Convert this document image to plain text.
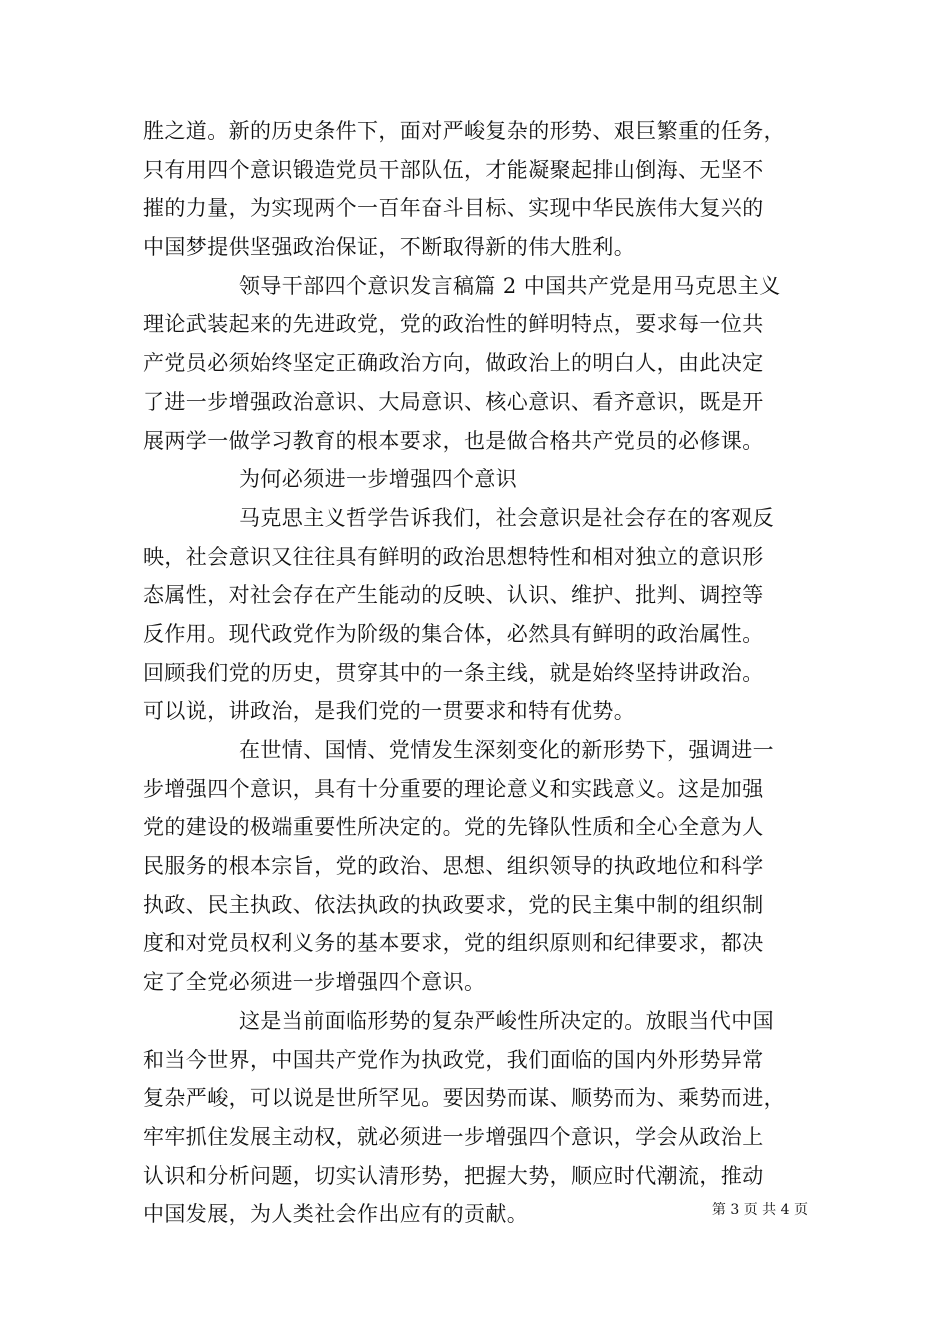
胜之道。新的历史条件下，面对严峻复杂的形势、艰巨繁重的任务，
只有用四个意识锻造党员干部队伍，才能凝聚起排山倒海、无坚不
摧的力量，为实现两个一百年奋斗目标、实现中华民族伟大复兴的
中国梦提供坚强政治保证，不断取得新的伟大胜利。
领导干部四个意识发言稿篇 2 中国共产党是用马克思主义
理论武装起来的先进政党，党的政治性的鲜明特点，要求每一位共
产党员必须始终坚定正确政治方向，做政治上的明白人，由此决定
了进一步增强政治意识、大局意识、核心意识、看齐意识，既是开
展两学一做学习教育的根本要求，也是做合格共产党员的必修课。
为何必须进一步增强四个意识
马克思主义哲学告诉我们，社会意识是社会存在的客观反
映，社会意识又往往具有鲜明的政治思想特性和相对独立的意识形
态属性，对社会存在产生能动的反映、认识、维护、批判、调控等
反作用。现代政党作为阶级的集合体，必然具有鲜明的政治属性。
回顾我们党的历史，贯穿其中的一条主线，就是始终坚持讲政治。
可以说，讲政治，是我们党的一贯要求和特有优势。
在世情、国情、党情发生深刻变化的新形势下，强调进一
步增强四个意识，具有十分重要的理论意义和实践意义。这是加强
党的建设的极端重要性所决定的。党的先锋队性质和全心全意为人
民服务的根本宗旨，党的政治、思想、组织领导的执政地位和科学
执政、民主执政、依法执政的执政要求，党的民主集中制的组织制
度和对党员权利义务的基本要求，党的组织原则和纪律要求，都决
定了全党必须进一步增强四个意识。
这是当前面临形势的复杂严峻性所决定的。放眼当代中国
和当今世界，中国共产党作为执政党，我们面临的国内外形势异常
复杂严峻，可以说是世所罕见。要因势而谋、顺势而为、乘势而进，
牢牢抓住发展主动权，就必须进一步增强四个意识，学会从政治上
认识和分析问题，切实认清形势，把握大势，顺应时代潮流，推动
中国发展，为人类社会作出应有的贡献。	第 3 页 共 4 页
